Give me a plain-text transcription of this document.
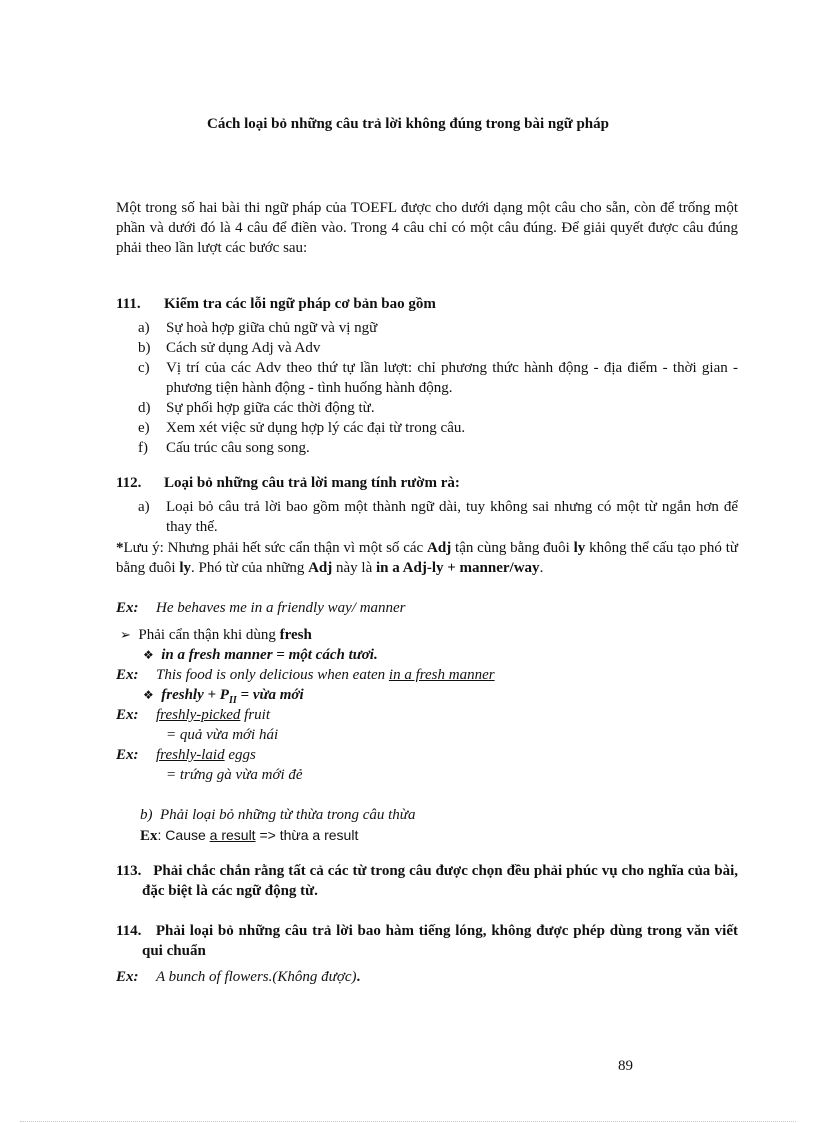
Cách loại bỏ những câu trả lời không đúng trong bài ngữ pháp
Một trong số hai bài thi ngữ pháp của TOEFL được cho dưới dạng một câu cho sẵn, còn để trống một phần và dưới đó là 4 câu để điền vào. Trong 4 câu chỉ có một câu đúng. Để giải quyết được câu đúng phải theo lần lượt các bước sau:
111. Kiểm tra các lỗi ngữ pháp cơ bản bao gồm
a)	Sự hoà hợp giữa chủ ngữ và vị ngữ
b)	Cách sử dụng Adj và Adv
c)	Vị trí của các Adv theo thứ tự lần lượt: chỉ phương thức hành động - địa điểm - thời gian - phương tiện hành động - tình huống hành động.
d)	Sự phối hợp giữa các thời động từ.
e)	Xem xét việc sử dụng hợp lý các đại từ trong câu.
f)	Cấu trúc câu song song.
112. Loại bỏ những câu trả lời mang tính rườm rà:
a)	Loại bỏ câu trả lời bao gồm một thành ngữ dài, tuy không sai nhưng có một từ ngắn hơn để thay thế.
*Lưu ý: Nhưng phải hết sức cẩn thận vì một số các Adj tận cùng bằng đuôi ly không thể cấu tạo phó từ bằng đuôi ly. Phó từ của những Adj này là in a Adj-ly + manner/way.
Ex: He behaves me in a friendly way/ manner
➢ Phải cẩn thận khi dùng fresh
❖ in a fresh manner = một cách tươi.
Ex: This food is only delicious when eaten in a fresh manner
❖ freshly + $P_{II}$ = vừa mới
Ex: freshly-picked fruit
= quả vừa mới hái
Ex: freshly-laid eggs
= trứng gà vừa mới đẻ
b)  Phải loại bỏ những từ thừa trong câu thừa
Ex: Cause a result => thừa a result
113. Phải chắc chắn rằng tất cả các từ trong câu được chọn đều phải phúc vụ cho nghĩa của bài, đặc biệt là các ngữ động từ.
114. Phải loại bỏ những câu trả lời bao hàm tiếng lóng, không được phép dùng trong văn viết qui chuẩn
Ex: A bunch of flowers.(Không được).
89
